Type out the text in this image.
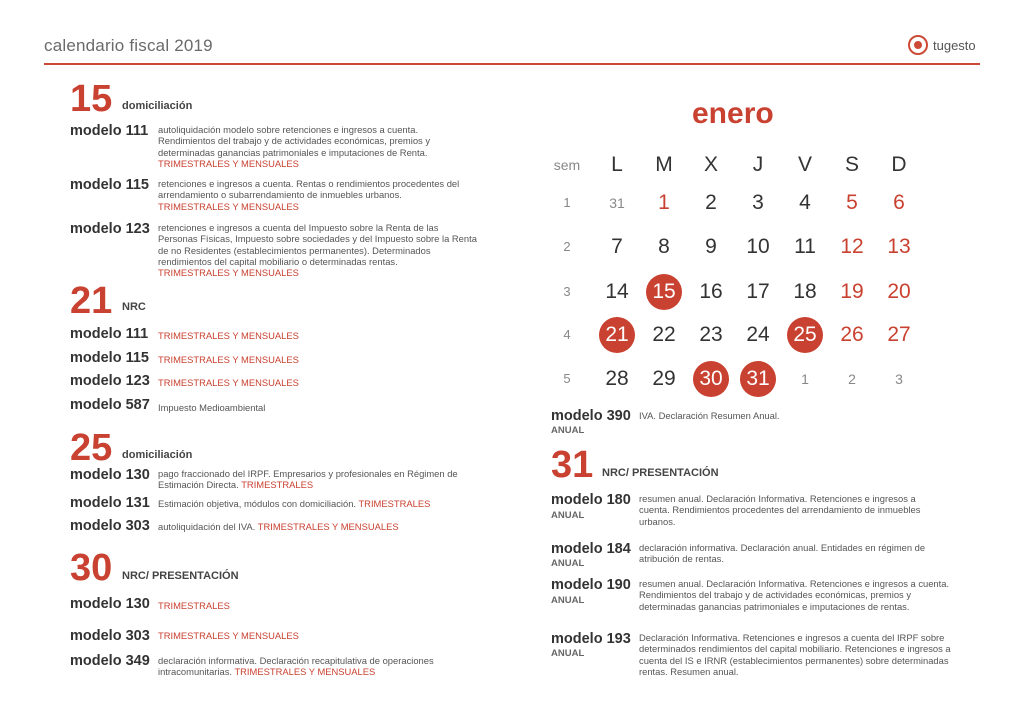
calendario fiscal 2019	tugesto
15 domiciliación
modelo 111 autoliquidación modelo sobre retenciones e ingresos a cuenta. Rendimientos del trabajo y de actividades económicas, premios y determinadas ganancias patrimoniales e imputaciones de Renta.
TRIMESTRALES Y MENSUALES
modelo 115 retenciones e ingresos a cuenta. Rentas o rendimientos procedentes del arrendamiento o subarrendamiento de inmuebles urbanos.
TRIMESTRALES Y MENSUALES
modelo 123 retenciones e ingresos a cuenta del Impuesto sobre la Renta de las Personas Físicas, Impuesto sobre sociedades y del Impuesto sobre la Renta de no Residentes (establecimientos permanentes). Determinados rendimientos del capital mobiliario o determinadas rentas.
TRIMESTRALES Y MENSUALES
21 NRC
modelo 111 TRIMESTRALES Y MENSUALES
modelo 115 TRIMESTRALES Y MENSUALES
modelo 123 TRIMESTRALES Y MENSUALES
modelo 587 Impuesto Medioambiental
25 domiciliación
modelo 130 pago fraccionado del IRPF. Empresarios y profesionales en Régimen de Estimación Directa. TRIMESTRALES
modelo 131 Estimación objetiva, módulos con domiciliación. TRIMESTRALES
modelo 303 autoliquidación del IVA. TRIMESTRALES Y MENSUALES
30 NRC/ PRESENTACIÓN
modelo 130 TRIMESTRALES
modelo 303 TRIMESTRALES Y MENSUALES
modelo 349 declaración informativa. Declaración recapitulativa de operaciones intracomunitarias. TRIMESTRALES Y MENSUALES
enero
sem	L	M	X	J	V	S	D
1	31	1	2	3	4	5	6
2	7	8	9	10	11	12	13
3	14	15	16	17	18	19	20
4	21	22	23	24	25	26	27
5	28	29	30	31	1	2	3
modelo 390
ANUAL
IVA. Declaración Resumen Anual.
31 NRC/ PRESENTACIÓN
modelo 180
ANUAL
resumen anual. Declaración Informativa. Retenciones e ingresos a cuenta. Rendimientos procedentes del arrendamiento de inmuebles urbanos.
modelo 184
ANUAL
declaración informativa. Declaración anual. Entidades en régimen de atribución de rentas.
modelo 190
ANUAL
resumen anual. Declaración Informativa. Retenciones e ingresos a cuenta. Rendimientos del trabajo y de actividades económicas, premios y determinadas ganancias patrimoniales e imputaciones de rentas.
modelo 193
ANUAL
Declaración Informativa. Retenciones e ingresos a cuenta del IRPF sobre determinados rendimientos del capital mobiliario. Retenciones e ingresos a cuenta del IS e IRNR (establecimientos permanentes) sobre determinadas rentas. Resumen anual.
